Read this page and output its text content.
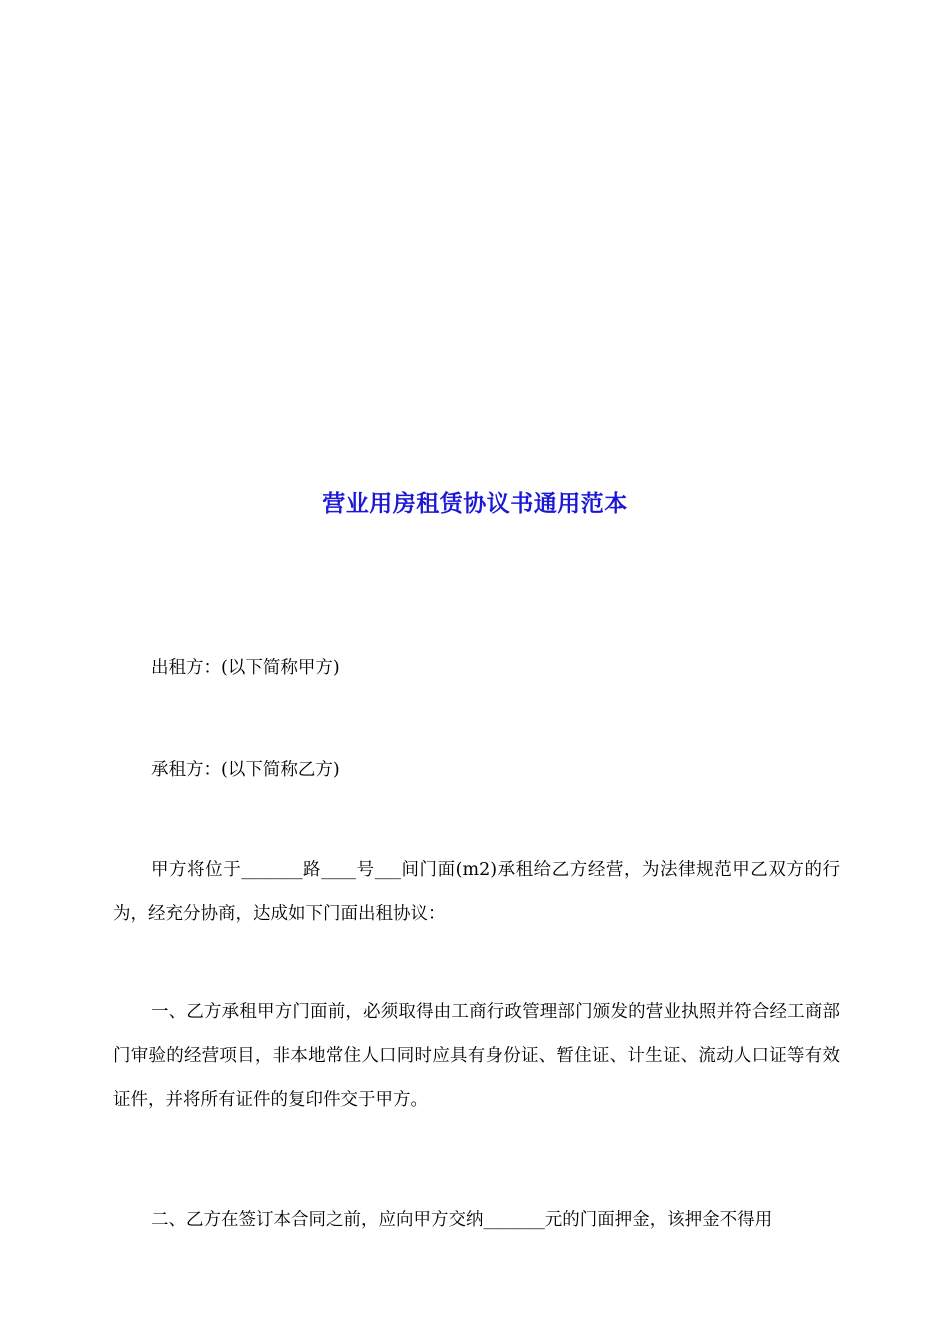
营业用房租赁协议书通用范本

出租方：(以下简称甲方)

承租方：(以下简称乙方)

甲方将位于_______路____号___间门面(m2)承租给乙方经营，为法律规范甲乙双方的行为，经充分协商，达成如下门面出租协议：

一、乙方承租甲方门面前，必须取得由工商行政管理部门颁发的营业执照并符合经工商部门审验的经营项目，非本地常住人口同时应具有身份证、暂住证、计生证、流动人口证等有效证件，并将所有证件的复印件交于甲方。

二、乙方在签订本合同之前，应向甲方交纳_______元的门面押金，该押金不得用
